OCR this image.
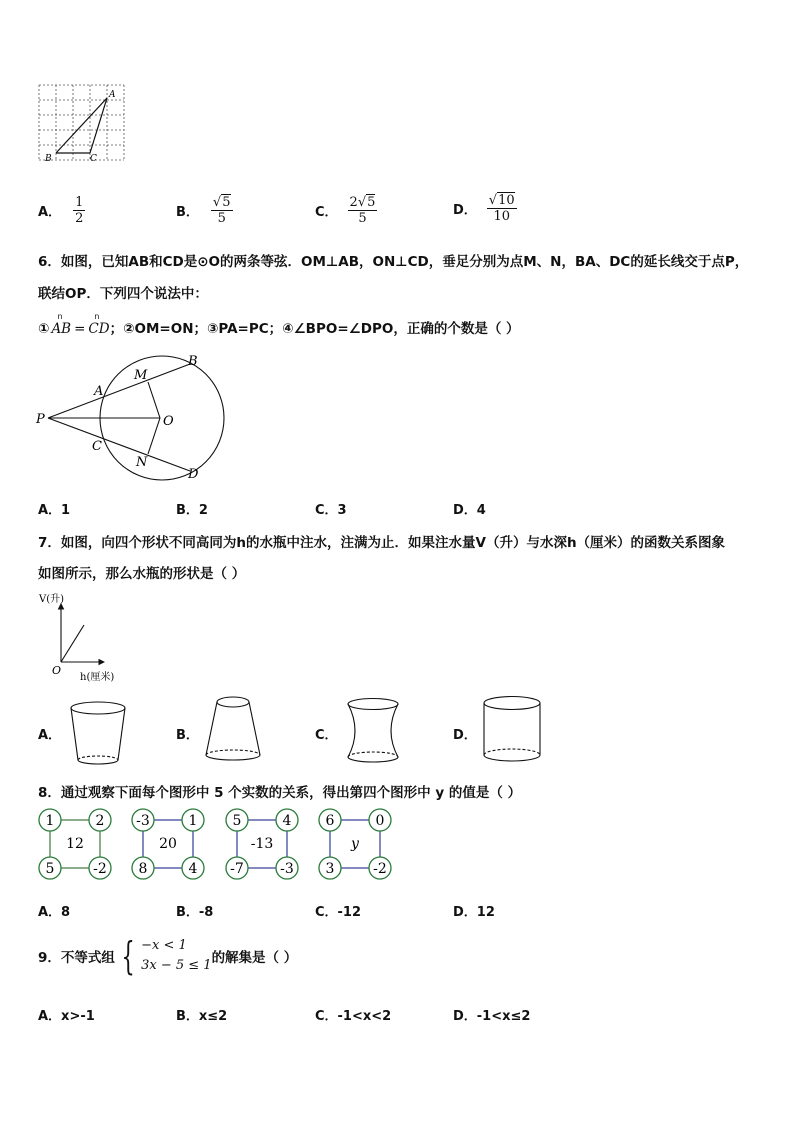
A
B	C
A． $\frac{1}{2}$	B． $\frac{√5}{5}$	C． $\frac{2√5}{5}$	D． $\frac{√10}{10}$
6．如图，已知AB和CD是⊙O的两条等弦．OM⊥AB，ON⊥CD，垂足分别为点M、N，BA、DC的延长线交于点P，
联结OP．下列四个说法中：
①
n
AB =
n
CD ；②OM=ON；③PA=PC；④∠BPO=∠DPO，正确的个数是（ ）
P
A
M
B
O
C
N
D
A．1	B．2	C．3	D．4
7．如图，向四个形状不同高同为h的水瓶中注水，注满为止．如果注水量V（升）与水深h（厘米）的函数关系图象
如图所示，那么水瓶的形状是（ ）
V(升)
O
h(厘米)
A．	B．	C．	D．
8．通过观察下面每个图形中 5 个实数的关系，得出第四个图形中 y 的值是（ ）
1	2
5	-2
12
-3	1
8	4
20
5	4
-7	-3
-13
6	0
3	-2
y
A．8	B．-8	C．-12	D．12
9．不等式组 { −x < 1
3x − 5 ≤ 1 的解集是（ ）
A．x>-1	B．x≤2	C．-1<x<2	D．-1<x≤2
